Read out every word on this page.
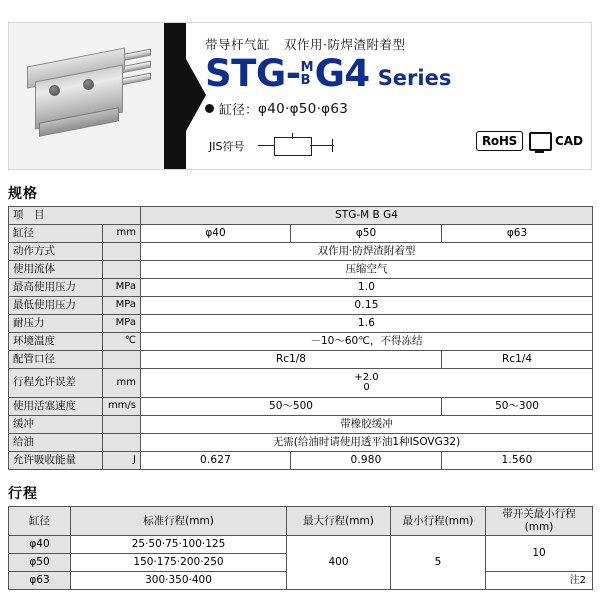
带导杆气缸 双作用·防焊渣附着型
STG- M
B G4 Series
缸径： φ40·φ50·φ63
JIS符号	RoHS	CAD
规格
项　目		STG-M B G4		
缸径	mm	φ40	φ50	φ63
动作方式		双作用·防焊渣附着型		
使用流体		压缩空气		
最高使用压力	MPa	1.0		
最低使用压力	MPa	0.15		
耐压力	MPa	1.6		
环境温度	℃	－10～60℃，不得冻结		
配管口径		Rc1/8		Rc1/4
行程允许误差	mm	+2.0
0		

使用活塞速度	mm/s	50～500		50～300
缓冲		带橡胶缓冲		
给油		无需(给油时请使用透平油1种ISOVG32)		
允许吸收能量	J	0.627	0.980	1.560
行程
缸径	标准行程(mm)	最大行程(mm)	最小行程(mm)	带开关最小行程(mm)
φ40	25·50·75·100·125	400	5	10
φ50	150·175·200·250			
φ63	300·350·400			注2
